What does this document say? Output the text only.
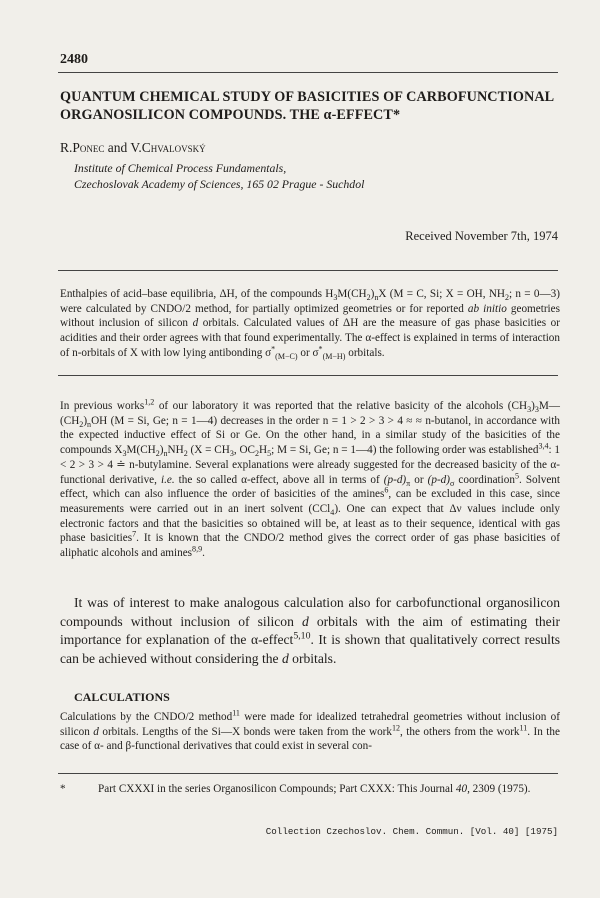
2480
QUANTUM CHEMICAL STUDY OF BASICITIES OF CARBOFUNCTIONAL ORGANOSILICON COMPOUNDS. THE α-EFFECT*
R.Ponec and V.Chvalovský
Institute of Chemical Process Fundamentals,
Czechoslovak Academy of Sciences, 165 02 Prague - Suchdol
Received November 7th, 1974

Enthalpies of acid–base equilibria, ΔH, of the compounds $H_3M(CH_2)_nX$ (M = C, Si; X = OH, $NH_2$; n = 0—3) were calculated by CNDO/2 method, for partially optimized geometries or for reported ab initio geometries without inclusion of silicon d orbitals. Calculated values of ΔH are the measure of gas phase basicities or acidities and their order agrees with that found experimentally. The α-effect is explained in terms of interaction of n-orbitals of X with low lying antibonding $\sigma^*_{(M-C)}$ or $\sigma^*_{(M-H)}$ orbitals.

In previous works$^{1,2}$ of our laboratory it was reported that the relative basicity of the alcohols $(CH_3)_3M—(CH_2)_nOH$ (M = Si, Ge; n = 1—4) decreases in the order n = 1 > 2 > 3 > 4 ≈ ≈ n-butanol, in accordance with the expected inductive effect of Si or Ge. On the other hand, in a similar study of the basicities of the compounds $X_3M(CH_2)_nNH_2$ ($X = CH_3$, $OC_2H_5$; M = Si, Ge; n = 1—4) the following order was established$^{3,4}$: 1 < 2 > 3 > 4 ≐ n-butylamine. Several explanations were already suggested for the decreased basicity of the α-functional derivative, i.e. the so called α-effect, above all in terms of $(p-d)_\pi$ or $(p-d)_\sigma$ coordination$^5$. Solvent effect, which can also influence the order of basicities of the amines$^6$, can be excluded in this case, since measurements were carried out in an inert solvent (CCl$_4$). One can expect that Δν values include only electronic factors and that the basicities so obtained will be, at least as to their sequence, identical with gas phase basicities$^7$. It is known that the CNDO/2 method gives the correct order of gas phase basicities of aliphatic alcohols and amines$^{8,9}$.

It was of interest to make analogous calculation also for carbofunctional organosilicon compounds without inclusion of silicon d orbitals with the aim of estimating their importance for explanation of the α-effect$^{5,10}$. It is shown that qualitatively correct results can be achieved without considering the d orbitals.

CALCULATIONS

Calculations by the CNDO/2 method$^{11}$ were made for idealized tetrahedral geometries without inclusion of silicon d orbitals. Lengths of the Si—X bonds were taken from the work$^{12}$, the others from the work$^{11}$. In the case of α- and β-functional derivatives that could exist in several con-

*	Part CXXXI in the series Organosilicon Compounds; Part CXXX: This Journal 40, 2309 (1975).

Collection Czechoslov. Chem. Commun. [Vol. 40] [1975]
